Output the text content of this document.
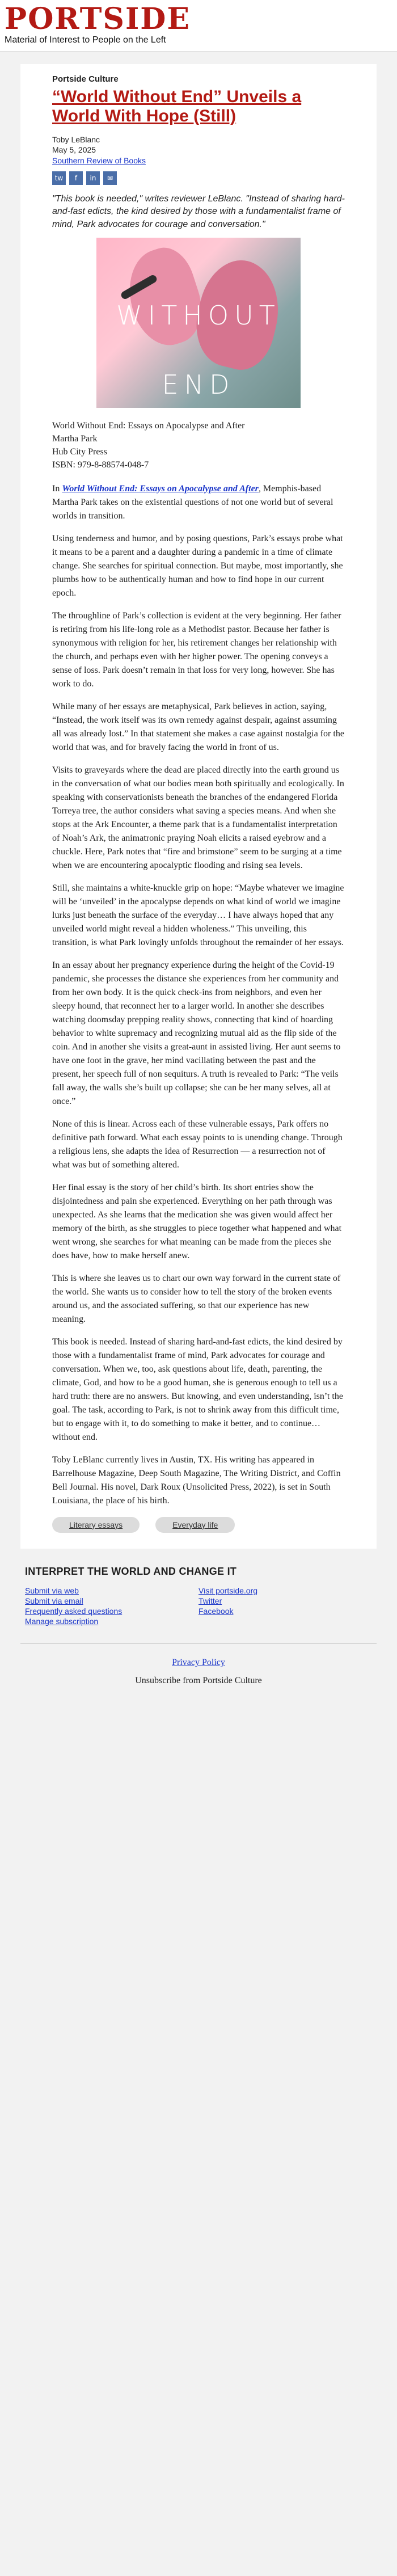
PORTSIDE
Material of Interest to People on the Left
Portside Culture
“World Without End” Unveils a World With Hope (Still)
Toby LeBlanc
May 5, 2025
Southern Review of Books
tw	f	in	✉
"This book is needed," writes reviewer LeBlanc. "Instead of sharing hard-and-fast edicts, the kind desired by those with a fundamentalist frame of mind, Park advocates for courage and conversation."
WITHOUT
END
World Without End: Essays on Apocalypse and After
Martha Park
Hub City Press
ISBN: 979-8-88574-048-7

In World Without End: Essays on Apocalypse and After, Memphis-based Martha Park takes on the existential questions of not one world but of several worlds in transition.

Using tenderness and humor, and by posing questions, Park’s essays probe what it means to be a parent and a daughter during a pandemic in a time of climate change. She searches for spiritual connection. But maybe, most importantly, she plumbs how to be authentically human and how to find hope in our current epoch.

The throughline of Park’s collection is evident at the very beginning. Her father is retiring from his life-long role as a Methodist pastor. Because her father is synonymous with religion for her, his retirement changes her relationship with the church, and perhaps even with her higher power. The opening conveys a sense of loss. Park doesn’t remain in that loss for very long, however. She has work to do.

While many of her essays are metaphysical, Park believes in action, saying, “Instead, the work itself was its own remedy against despair, against assuming all was already lost.” In that statement she makes a case against nostalgia for the world that was, and for bravely facing the world in front of us.

Visits to graveyards where the dead are placed directly into the earth ground us in the conversation of what our bodies mean both spiritually and ecologically. In speaking with conservationists beneath the branches of the endangered Florida Torreya tree, the author considers what saving a species means. And when she stops at the Ark Encounter, a theme park that is a fundamentalist interpretation of Noah’s Ark, the animatronic praying Noah elicits a raised eyebrow and a chuckle. Here, Park notes that “fire and brimstone” seem to be surging at a time when we are encountering apocalyptic flooding and rising sea levels.

Still, she maintains a white-knuckle grip on hope: “Maybe whatever we imagine will be ‘unveiled’ in the apocalypse depends on what kind of world we imagine lurks just beneath the surface of the everyday… I have always hoped that any unveiled world might reveal a hidden wholeness.” This unveiling, this transition, is what Park lovingly unfolds throughout the remainder of her essays.

In an essay about her pregnancy experience during the height of the Covid-19 pandemic, she processes the distance she experiences from her community and from her own body. It is the quick check-ins from neighbors, and even her sleepy hound, that reconnect her to a larger world. In another she describes watching doomsday prepping reality shows, connecting that kind of hoarding behavior to white supremacy and recognizing mutual aid as the flip side of the coin. And in another she visits a great-aunt in assisted living. Her aunt seems to have one foot in the grave, her mind vacillating between the past and the present, her speech full of non sequiturs. A truth is revealed to Park: “The veils fall away, the walls she’s built up collapse; she can be her many selves, all at once.”

None of this is linear. Across each of these vulnerable essays, Park offers no definitive path forward. What each essay points to is unending change. Through a religious lens, she adapts the idea of Resurrection — a resurrection not of what was but of something altered.

Her final essay is the story of her child’s birth. Its short entries show the disjointedness and pain she experienced. Everything on her path through was unexpected. As she learns that the medication she was given would affect her memory of the birth, as she struggles to piece together what happened and what went wrong, she searches for what meaning can be made from the pieces she does have, how to make herself anew.

This is where she leaves us to chart our own way forward in the current state of the world. She wants us to consider how to tell the story of the broken events around us, and the associated suffering, so that our experience has new meaning.

This book is needed. Instead of sharing hard-and-fast edicts, the kind desired by those with a fundamentalist frame of mind, Park advocates for courage and conversation. When we, too, ask questions about life, death, parenting, the climate, God, and how to be a good human, she is generous enough to tell us a hard truth: there are no answers. But knowing, and even understanding, isn’t the goal. The task, according to Park, is not to shrink away from this difficult time, but to engage with it, to do something to make it better, and to continue… without end.

Toby LeBlanc currently lives in Austin, TX. His writing has appeared in Barrelhouse Magazine, Deep South Magazine, The Writing District, and Coffin Bell Journal. His novel, Dark Roux (Unsolicited Press, 2022), is set in South Louisiana, the place of his birth.

Literary essays	Everyday life
INTERPRET THE WORLD AND CHANGE IT
Submit via web
Submit via email
Frequently asked questions
Manage subscription
Visit portside.org
Twitter
Facebook
Privacy Policy
Unsubscribe from Portside Culture
